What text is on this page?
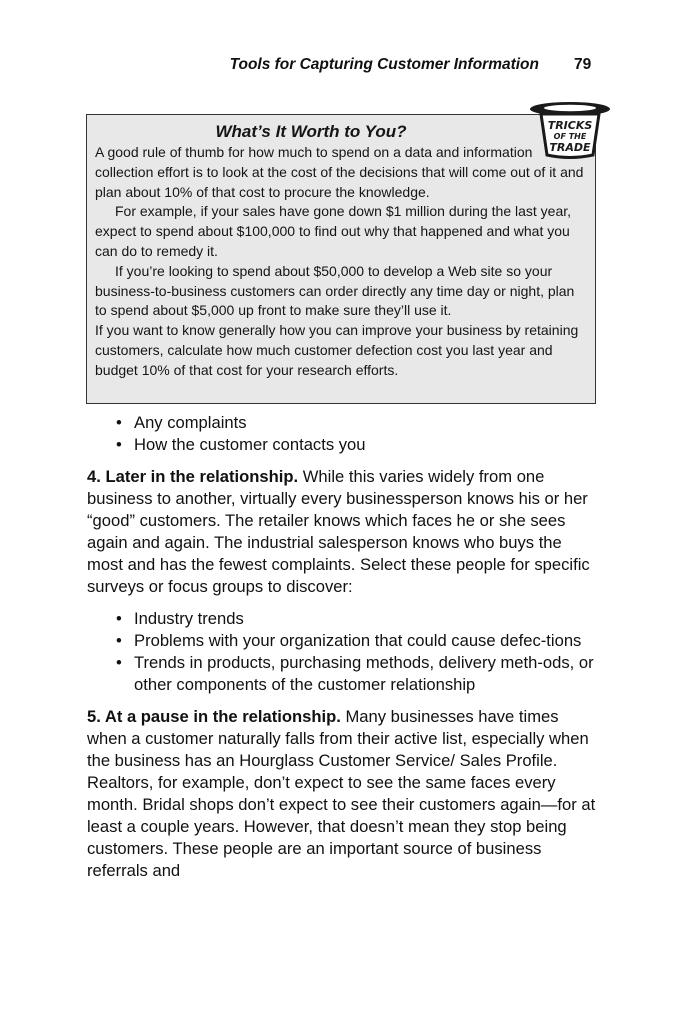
Tools for Capturing Customer Information 79
What’s It Worth to You?

A good rule of thumb for how much to spend on a data and information collection effort is to look at the cost of the decisions that will come out of it and plan about 10% of that cost to procure the knowledge.

For example, if your sales have gone down $1 million during the last year, expect to spend about $100,000 to find out why that happened and what you can do to remedy it.

If you’re looking to spend about $50,000 to develop a Web site so your business-to-business customers can order directly any time day or night, plan to spend about $5,000 up front to make sure they’ll use it.

If you want to know generally how you can improve your business by retaining customers, calculate how much customer defection cost you last year and budget 10% of that cost for your research efforts.

TRICKS
OF THE
TRADE
• Any complaints
• How the customer contacts you

4. Later in the relationship. While this varies widely from one business to another, virtually every businessperson knows his or her “good” customers. The retailer knows which faces he or she sees again and again. The industrial salesperson knows who buys the most and has the fewest complaints. Select these people for specific surveys or focus groups to discover:

• Industry trends
• Problems with your organization that could cause defec-tions
• Trends in products, purchasing methods, delivery meth-ods, or other components of the customer relationship

5. At a pause in the relationship. Many businesses have times when a customer naturally falls from their active list, especially when the business has an Hourglass Customer Service/ Sales Profile. Realtors, for example, don’t expect to see the same faces every month. Bridal shops don’t expect to see their customers again—for at least a couple years. However, that doesn’t mean they stop being customers. These people are an important source of business referrals and
